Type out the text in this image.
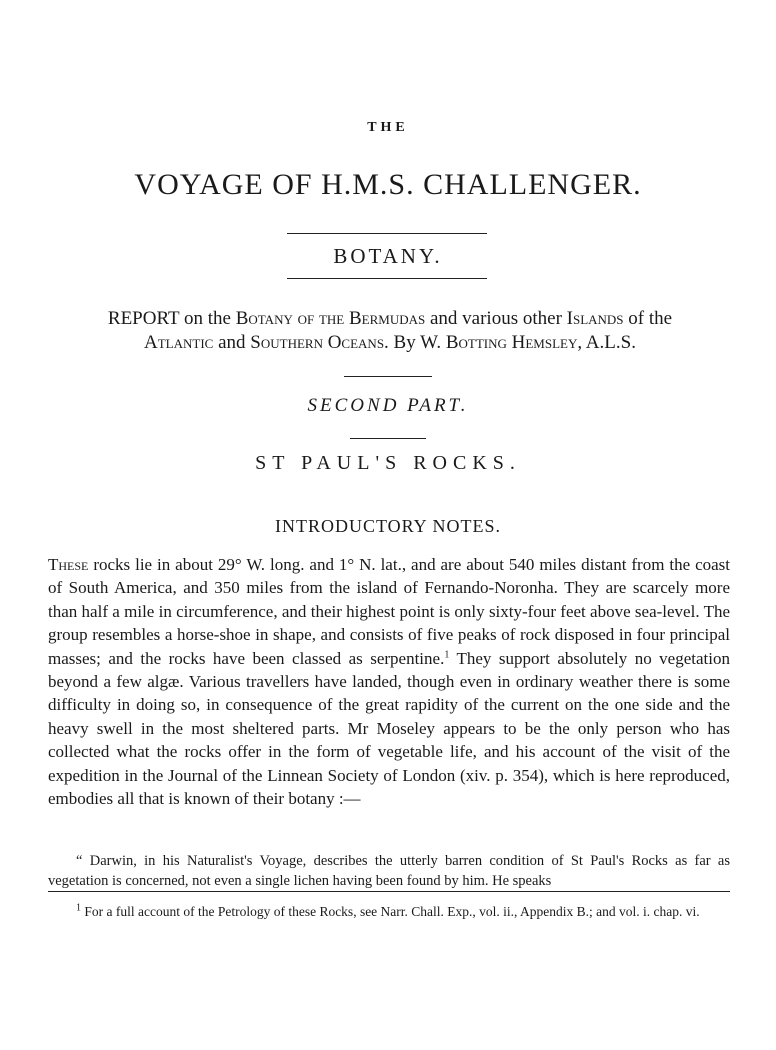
THE
VOYAGE OF H.M.S. CHALLENGER.
BOTANY.
REPORT on the Botany of the Bermudas and various other Islands of the
Atlantic and Southern Oceans. By W. Botting Hemsley, A.L.S.
SECOND PART.
ST PAUL'S ROCKS.
INTRODUCTORY NOTES.
These rocks lie in about 29° W. long. and 1° N. lat., and are about 540 miles distant from the coast of South America, and 350 miles from the island of Fernando-Noronha. They are scarcely more than half a mile in circumference, and their highest point is only sixty-four feet above sea-level. The group resembles a horse-shoe in shape, and consists of five peaks of rock disposed in four principal masses; and the rocks have been classed as serpentine.$^1$ They support absolutely no vegetation beyond a few algæ. Various travellers have landed, though even in ordinary weather there is some difficulty in doing so, in consequence of the great rapidity of the current on the one side and the heavy swell in the most sheltered parts. Mr Moseley appears to be the only person who has collected what the rocks offer in the form of vegetable life, and his account of the visit of the expedition in the Journal of the Linnean Society of London (xiv. p. 354), which is here reproduced, embodies all that is known of their botany :—
“ Darwin, in his Naturalist's Voyage, describes the utterly barren condition of St Paul's Rocks as far as vegetation is concerned, not even a single lichen having been found by him. He speaks
$^1$ For a full account of the Petrology of these Rocks, see Narr. Chall. Exp., vol. ii., Appendix B.; and vol. i. chap. vi.
